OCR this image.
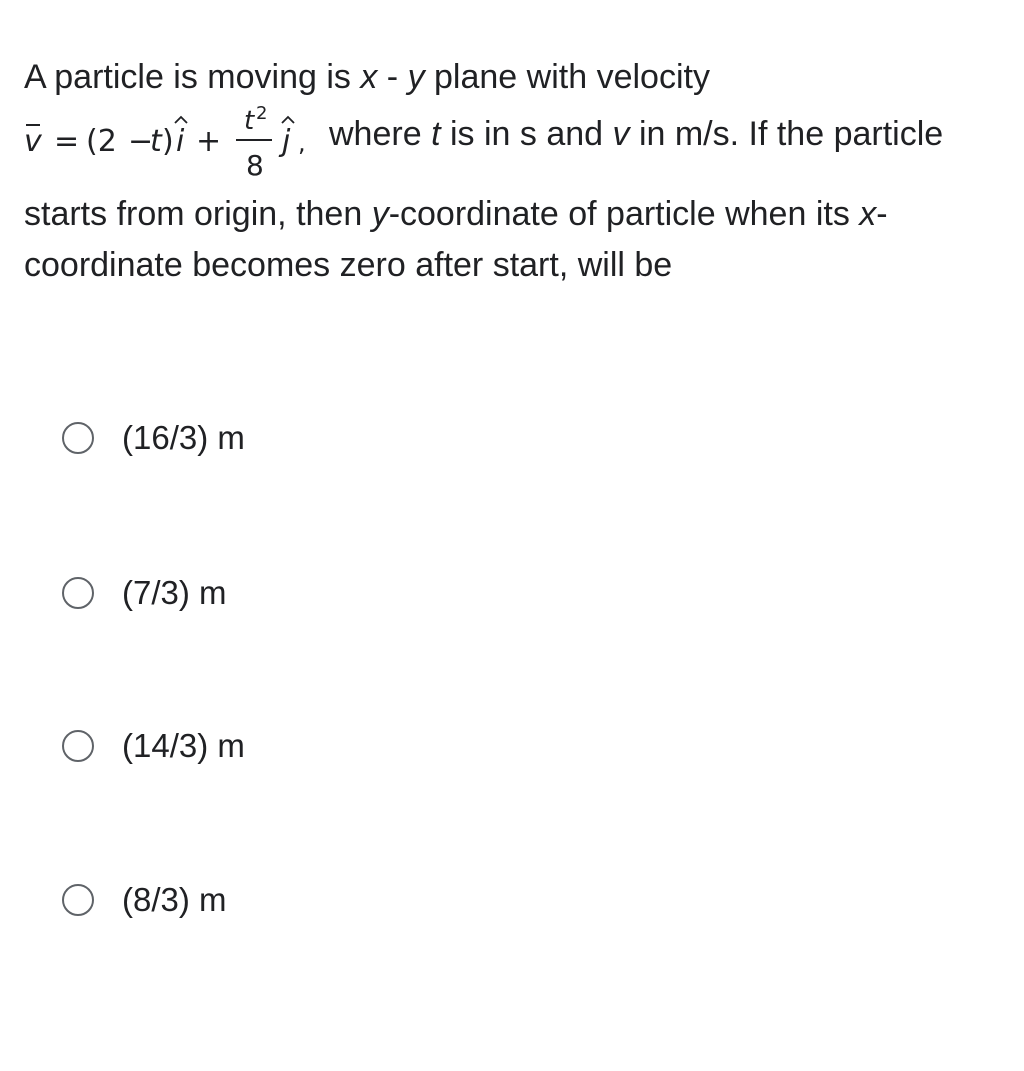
A particle is moving is x - y plane with velocity
v = (2 −
t ) i +
t 2
8
j , where t is in s and v in m/s. If the particle
starts from origin, then y-coordinate of particle when its x-
coordinate becomes zero after start, will be
(16/3) m
(7/3) m
(14/3) m
(8/3) m
